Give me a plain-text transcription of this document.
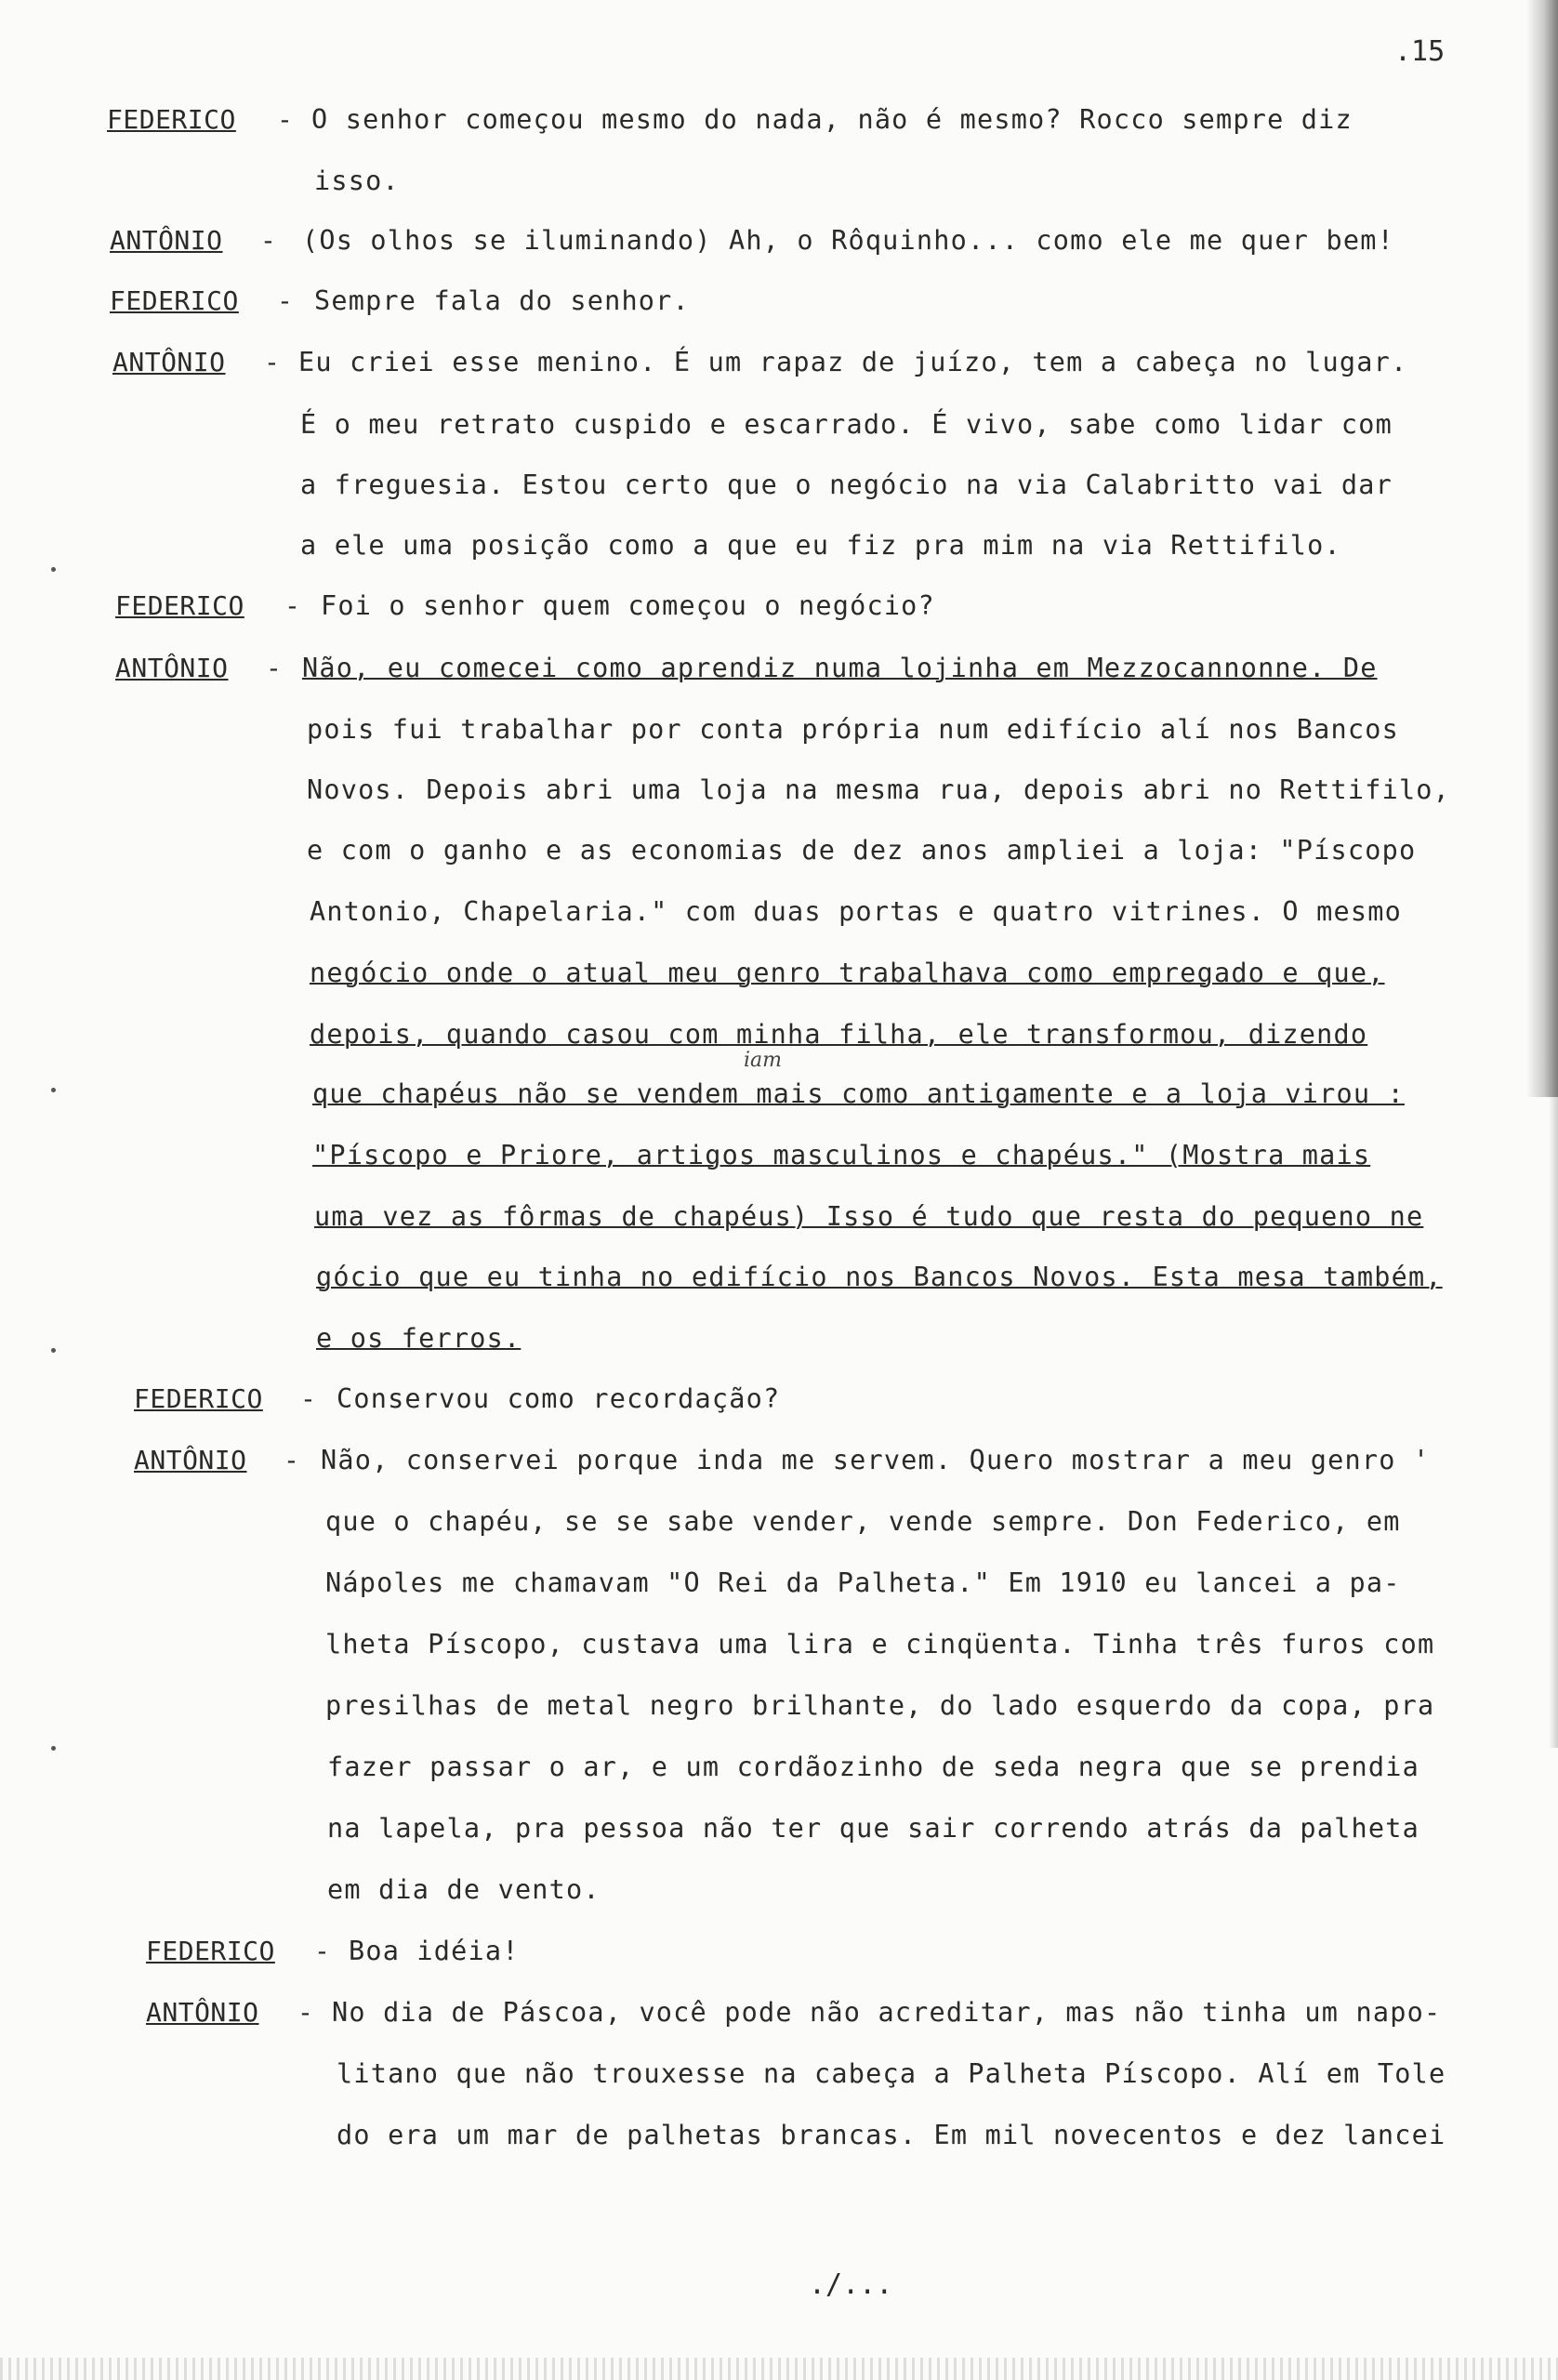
.15
FEDERICO - O senhor começou mesmo do nada, não é mesmo? Rocco sempre diz
isso.
ANTÔNIO - (Os olhos se iluminando) Ah, o Rôquinho... como ele me quer bem!
FEDERICO - Sempre fala do senhor.
ANTÔNIO - Eu criei esse menino. É um rapaz de juízo, tem a cabeça no lugar.
É o meu retrato cuspido e escarrado. É vivo, sabe como lidar com
a freguesia. Estou certo que o negócio na via Calabritto vai dar
a ele uma posição como a que eu fiz pra mim na via Rettifilo.
FEDERICO - Foi o senhor quem começou o negócio?
ANTÔNIO - Não, eu comecei como aprendiz numa lojinha em Mezzocannonne. De
pois fui trabalhar por conta própria num edifício alí nos Bancos
Novos. Depois abri uma loja na mesma rua, depois abri no Rettifilo,
e com o ganho e as economias de dez anos ampliei a loja: "Píscopo
Antonio, Chapelaria." com duas portas e quatro vitrines. O mesmo
negócio onde o atual meu genro trabalhava como empregado e que,
depois, quando casou com minha filha, ele transformou, dizendo
iam
que chapéus não se vendem mais como antigamente e a loja virou :
"Píscopo e Priore, artigos masculinos e chapéus." (Mostra mais
uma vez as fôrmas de chapéus) Isso é tudo que resta do pequeno ne
gócio que eu tinha no edifício nos Bancos Novos. Esta mesa também,
e os ferros.
FEDERICO - Conservou como recordação?
ANTÔNIO - Não, conservei porque inda me servem. Quero mostrar a meu genro '
que o chapéu, se se sabe vender, vende sempre. Don Federico, em
Nápoles me chamavam "O Rei da Palheta." Em 1910 eu lancei a pa-
lheta Píscopo, custava uma lira e cinqüenta. Tinha três furos com
presilhas de metal negro brilhante, do lado esquerdo da copa, pra
fazer passar o ar, e um cordãozinho de seda negra que se prendia
na lapela, pra pessoa não ter que sair correndo atrás da palheta
em dia de vento.
FEDERICO - Boa idéia!
ANTÔNIO - No dia de Páscoa, você pode não acreditar, mas não tinha um napo-
litano que não trouxesse na cabeça a Palheta Píscopo. Alí em Tole
do era um mar de palhetas brancas. Em mil novecentos e dez lancei
./...
